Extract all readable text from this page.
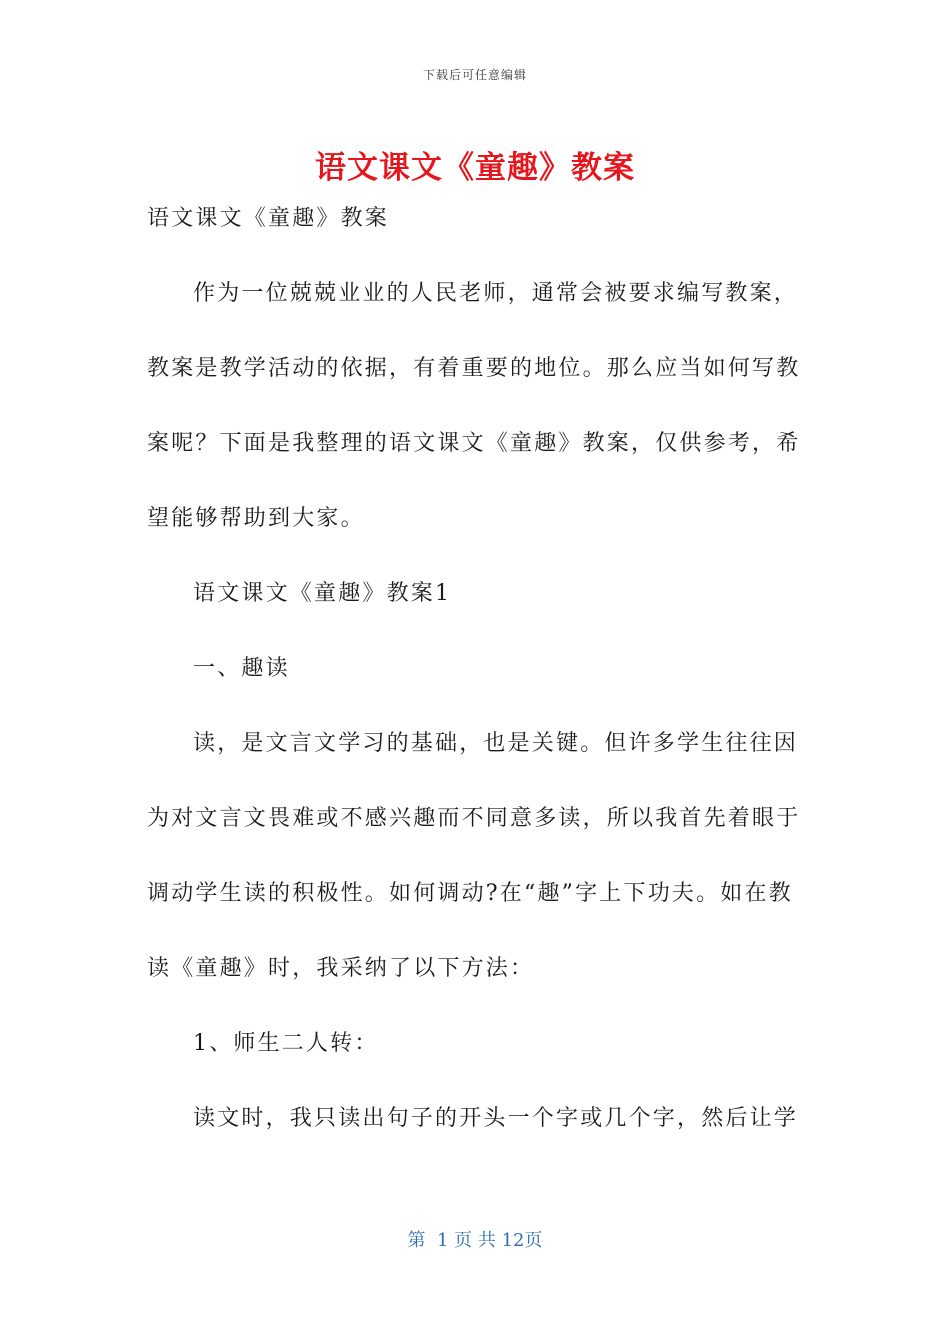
下载后可任意编辑
语文课文《童趣》教案
语文课文《童趣》教案
作为一位兢兢业业的人民老师，通常会被要求编写教案，
教案是教学活动的依据，有着重要的地位。那么应当如何写教
案呢？下面是我整理的语文课文《童趣》教案，仅供参考，希
望能够帮助到大家。
语文课文《童趣》教案1
一、趣读
读，是文言文学习的基础，也是关键。但许多学生往往因
为对文言文畏难或不感兴趣而不同意多读，所以我首先着眼于
调动学生读的积极性。如何调动?在“趣”字上下功夫。如在教
读《童趣》时，我采纳了以下方法：
1、师生二人转：
读文时，我只读出句子的开头一个字或几个字，然后让学
第  1 页 共 12页
